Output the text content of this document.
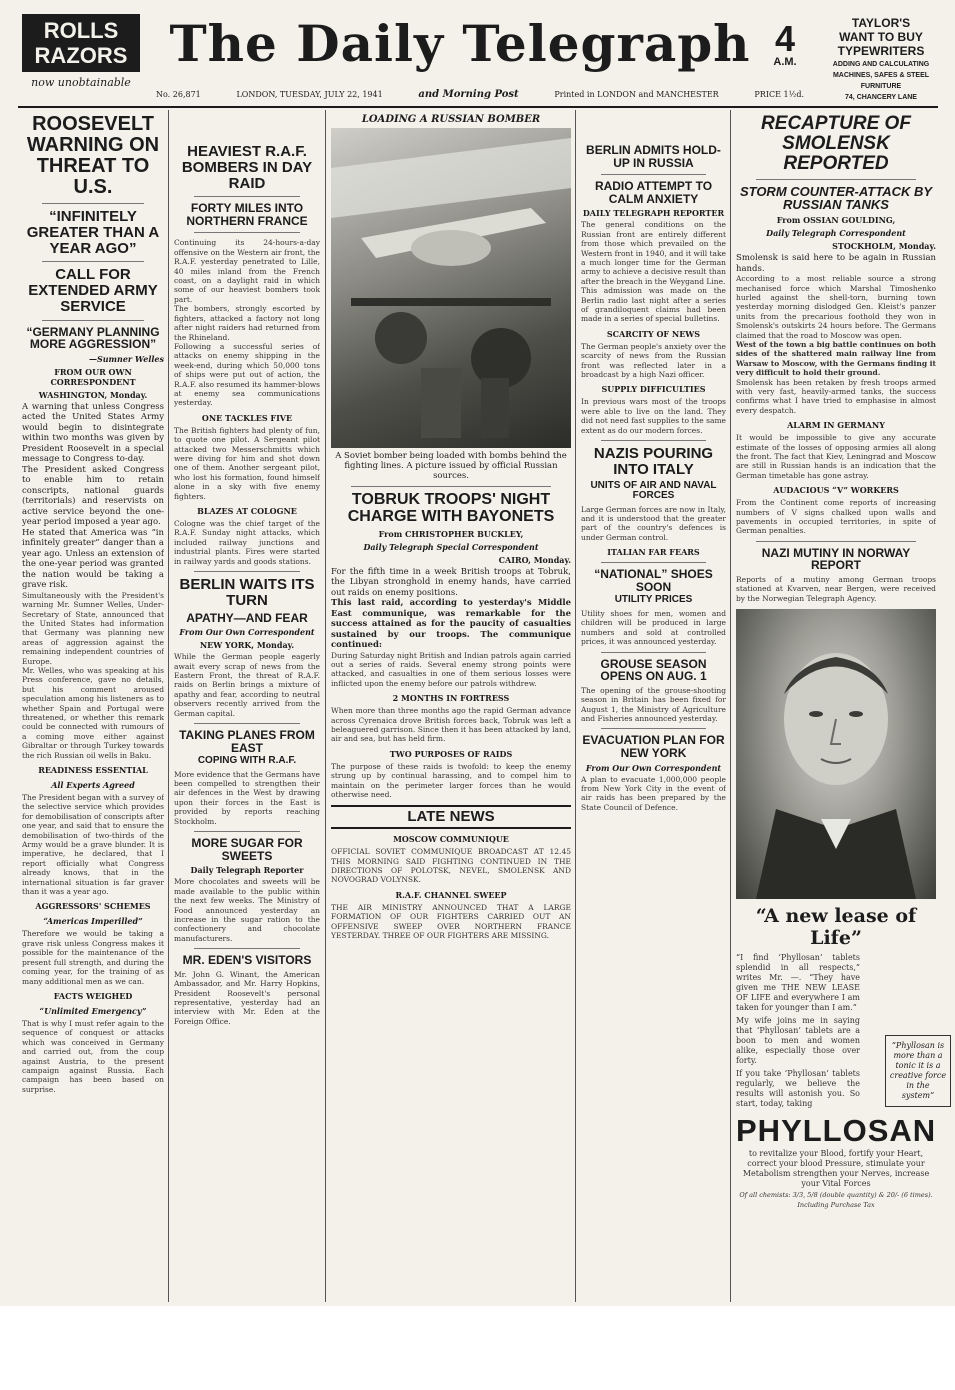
ROLLS
RAZORS
now unobtainable
The Daily Telegraph 4
A.M.
TAYLOR'S
WANT TO BUY
TYPEWRITERS
ADDING AND CALCULATING
MACHINES, SAFES & STEEL
FURNITURE
74, CHANCERY LANE
No. 26,871	LONDON, TUESDAY, JULY 22, 1941	and Morning Post	Printed in LONDON and MANCHESTER	PRICE 1½d.
ROOSEVELT WARNING ON THREAT TO U.S.
“INFINITELY GREATER THAN A YEAR AGO”
CALL FOR EXTENDED ARMY SERVICE
“GERMANY PLANNING MORE AGGRESSION”
—Sumner Welles
FROM OUR OWN CORRESPONDENT
WASHINGTON, Monday.
A warning that unless Congress acted the United States Army would begin to disintegrate within two months was given by President Roosevelt in a special message to Congress to-day.
The President asked Congress to enable him to retain conscripts, national guards (territorials) and reservists on active service beyond the one-year period imposed a year ago.
He stated that America was “in infinitely greater” danger than a year ago. Unless an extension of the one-year period was granted the nation would be taking a grave risk.
Simultaneously with the President's warning Mr. Sumner Welles, Under-Secretary of State, announced that the United States had information that Germany was planning new areas of aggression against the remaining independent countries of Europe.
Mr. Welles, who was speaking at his Press conference, gave no details, but his comment aroused speculation among his listeners as to whether Spain and Portugal were threatened, or whether this remark could be connected with rumours of a coming move either against Gibraltar or through Turkey towards the rich Russian oil wells in Baku.
READINESS ESSENTIAL
All Experts Agreed
The President began with a survey of the selective service which provides for demobilisation of conscripts after one year, and said that to ensure the demobilisation of two-thirds of the Army would be a grave blunder. It is imperative, he declared, that I report officially what Congress already knows, that in the international situation is far graver than it was a year ago.
AGGRESSORS' SCHEMES
“Americas Imperilled”
Therefore we would be taking a grave risk unless Congress makes it possible for the maintenance of the present full strength, and during the coming year, for the training of as many additional men as we can.
FACTS WEIGHED
“Unlimited Emergency”
That is why I must refer again to the sequence of conquest or attacks which was conceived in Germany and carried out, from the coup against Austria, to the present campaign against Russia. Each campaign has been based on surprise.
HEAVIEST R.A.F. BOMBERS IN DAY RAID
FORTY MILES INTO NORTHERN FRANCE
Continuing its 24-hours-a-day offensive on the Western air front, the R.A.F. yesterday penetrated to Lille, 40 miles inland from the French coast, on a daylight raid in which some of our heaviest bombers took part.
The bombers, strongly escorted by fighters, attacked a factory not long after night raiders had returned from the Rhineland.
Following a successful series of attacks on enemy shipping in the week-end, during which 50,000 tons of ships were put out of action, the R.A.F. also resumed its hammer-blows at enemy sea communications yesterday.
ONE TACKLES FIVE
The British fighters had plenty of fun, to quote one pilot. A Sergeant pilot attacked two Messerschmitts which were diving for him and shot down one of them. Another sergeant pilot, who lost his formation, found himself alone in a sky with five enemy fighters.
BLAZES AT COLOGNE
Cologne was the chief target of the R.A.F. Sunday night attacks, which included railway junctions and industrial plants. Fires were started in railway yards and goods stations.
BERLIN WAITS ITS TURN
APATHY—AND FEAR
From Our Own Correspondent
NEW YORK, Monday.
While the German people eagerly await every scrap of news from the Eastern Front, the threat of R.A.F. raids on Berlin brings a mixture of apathy and fear, according to neutral observers recently arrived from the German capital.
TAKING PLANES FROM EAST
COPING WITH R.A.F.
More evidence that the Germans have been compelled to strengthen their air defences in the West by drawing upon their forces in the East is provided by reports reaching Stockholm.
MORE SUGAR FOR SWEETS
Daily Telegraph Reporter
More chocolates and sweets will be made available to the public within the next few weeks. The Ministry of Food announced yesterday an increase in the sugar ration to the confectionery and chocolate manufacturers.
MR. EDEN'S VISITORS
Mr. John G. Winant, the American Ambassador, and Mr. Harry Hopkins, President Roosevelt's personal representative, yesterday had an interview with Mr. Eden at the Foreign Office.
LOADING A RUSSIAN BOMBER
A Soviet bomber being loaded with bombs behind the fighting lines. A picture issued by official Russian sources.
TOBRUK TROOPS' NIGHT CHARGE WITH BAYONETS
From CHRISTOPHER BUCKLEY,
Daily Telegraph Special Correspondent
CAIRO, Monday.
For the fifth time in a week British troops at Tobruk, the Libyan stronghold in enemy hands, have carried out raids on enemy positions.
This last raid, according to yesterday's Middle East communique, was remarkable for the success attained as for the paucity of casualties sustained by our troops. The communique continued:
During Saturday night British and Indian patrols again carried out a series of raids. Several enemy strong points were attacked, and casualties in one of them serious losses were inflicted upon the enemy before our patrols withdrew.
2 MONTHS IN FORTRESS
When more than three months ago the rapid German advance across Cyrenaica drove British forces back, Tobruk was left a beleaguered garrison. Since then it has been attacked by land, air and sea, but has held firm.
TWO PURPOSES OF RAIDS
The purpose of these raids is twofold: to keep the enemy strung up by continual harassing, and to compel him to maintain on the perimeter larger forces than he would otherwise need.
LATE NEWS
MOSCOW COMMUNIQUE
OFFICIAL SOVIET COMMUNIQUE BROADCAST AT 12.45 THIS MORNING SAID FIGHTING CONTINUED IN THE DIRECTIONS OF POLOTSK, NEVEL, SMOLENSK AND NOVOGRAD VOLYNSK.
R.A.F. CHANNEL SWEEP
THE AIR MINISTRY ANNOUNCED THAT A LARGE FORMATION OF OUR FIGHTERS CARRIED OUT AN OFFENSIVE SWEEP OVER NORTHERN FRANCE YESTERDAY. THREE OF OUR FIGHTERS ARE MISSING.
BERLIN ADMITS HOLD-UP IN RUSSIA
RADIO ATTEMPT TO CALM ANXIETY
DAILY TELEGRAPH REPORTER
The general conditions on the Russian front are entirely different from those which prevailed on the Western front in 1940, and it will take a much longer time for the German army to achieve a decisive result than after the breach in the Weygand Line.
This admission was made on the Berlin radio last night after a series of grandiloquent claims had been made in a series of special bulletins.
SCARCITY OF NEWS
The German people's anxiety over the scarcity of news from the Russian front was reflected later in a broadcast by a high Nazi officer.
SUPPLY DIFFICULTIES
In previous wars most of the troops were able to live on the land. They did not need fast supplies to the same extent as do our modern forces.
NAZIS POURING INTO ITALY
UNITS OF AIR AND NAVAL FORCES
Large German forces are now in Italy, and it is understood that the greater part of the country's defences is under German control.
ITALIAN FAR FEARS
“NATIONAL” SHOES SOON
UTILITY PRICES
Utility shoes for men, women and children will be produced in large numbers and sold at controlled prices, it was announced yesterday.
GROUSE SEASON OPENS ON AUG. 1
The opening of the grouse-shooting season in Britain has been fixed for August 1, the Ministry of Agriculture and Fisheries announced yesterday.
EVACUATION PLAN FOR NEW YORK
From Our Own Correspondent
A plan to evacuate 1,000,000 people from New York City in the event of air raids has been prepared by the State Council of Defence.
RECAPTURE OF SMOLENSK REPORTED
STORM COUNTER-ATTACK BY RUSSIAN TANKS
From OSSIAN GOULDING,
Daily Telegraph Correspondent
STOCKHOLM, Monday.
Smolensk is said here to be again in Russian hands.
According to a most reliable source a strong mechanised force which Marshal Timoshenko hurled against the shell-torn, burning town yesterday morning dislodged Gen. Kleist's panzer units from the precarious foothold they won in Smolensk's outskirts 24 hours before. The Germans claimed that the road to Moscow was open.
West of the town a big battle continues on both sides of the shattered main railway line from Warsaw to Moscow, with the Germans finding it very difficult to hold their ground.
Smolensk has been retaken by fresh troops armed with very fast, heavily-armed tanks, the success confirms what I have tried to emphasise in almost every despatch.
ALARM IN GERMANY
It would be impossible to give any accurate estimate of the losses of opposing armies all along the front. The fact that Kiev, Leningrad and Moscow are still in Russian hands is an indication that the German timetable has gone astray.
AUDACIOUS “V” WORKERS
From the Continent come reports of increasing numbers of V signs chalked upon walls and pavements in occupied territories, in spite of German penalties.
NAZI MUTINY IN NORWAY REPORT
Reports of a mutiny among German troops stationed at Kvarven, near Bergen, were received by the Norwegian Telegraph Agency.
“A new lease of Life”
“I find ‘Phyllosan’ tablets splendid in all respects,” writes Mr. —. “They have given me THE NEW LEASE OF LIFE and everywhere I am taken for younger than I am.”
My wife joins me in saying that ‘Phyllosan’ tablets are a boon to men and women alike, especially those over forty.
If you take ‘Phyllosan’ tablets regularly, we believe the results will astonish you. So start, today, taking
PHYLLOSAN
to revitalize your Blood, fortify your Heart, correct your blood Pressure, stimulate your Metabolism strengthen your Nerves, increase your Vital Forces
Of all chemists: 3/3, 5/8 (double quantity) & 20/- (6 times). Including Purchase Tax
“Phyllosan is more than a tonic it is a creative force in the system”
